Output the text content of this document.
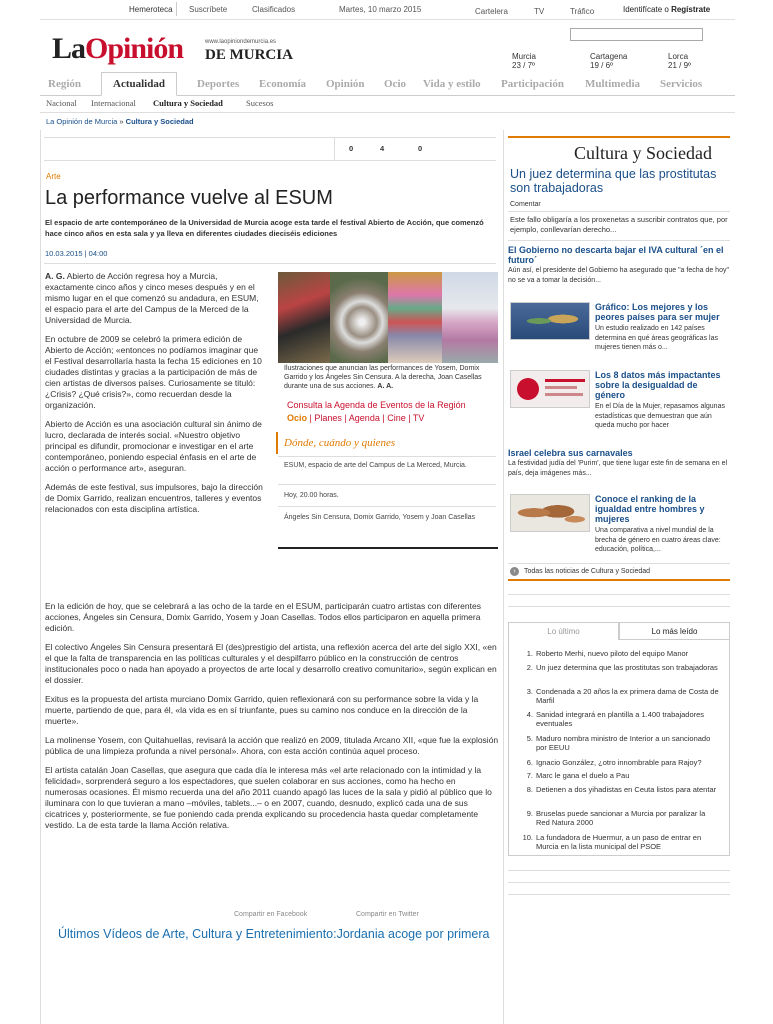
Hemeroteca Suscríbete	Clasificados	Martes, 10 marzo 2015	Cartelera	TV	Tráfico	Identifícate o Regístrate
LaOpinión	www.laopiniondemurcia.es
DE MURCIA	Murcia
23 / 7º
Cartagena
19 / 6º
Lorca
21 / 9º
Región	Actualidad	Deportes Economía Opinión Ocio Vida y estilo Participación Multimedia Servicios
Nacional Internacional Cultura y Sociedad	Sucesos
La Opinión de Murcia » Cultura y Sociedad
0	4	0
Arte
La performance vuelve al ESUM
El espacio de arte contemporáneo de la Universidad de Murcia acoge esta tarde el festival Abierto de Acción, que comenzó hace cinco años en esta sala y ya lleva en diferentes ciudades dieciséis ediciones
10.03.2015 | 04:00

A. G. Abierto de Acción regresa hoy a Murcia, exactamente cinco años y cinco meses después y en el mismo lugar en el que comenzó su andadura, en ESUM, el espacio para el arte del Campus de la Merced de la Universidad de Murcia.

En octubre de 2009 se celebró la primera edición de Abierto de Acción; «entonces no podíamos imaginar que el Festival desarrollaría hasta la fecha 15 ediciones en 10 ciudades distintas y gracias a la participación de más de cien artistas de diversos países. Curiosamente se tituló: ¿Crisis? ¿Qué crisis?», como recuerdan desde la organización.

Abierto de Acción es una asociación cultural sin ánimo de lucro, declarada de interés social. «Nuestro objetivo principal es difundir, promocionar e investigar en el arte contemporáneo, poniendo especial énfasis en el arte de acción o performance art», aseguran.

Además de este festival, sus impulsores, bajo la dirección de Domix Garrido, realizan encuentros, talleres y eventos relacionados con esta disciplina artística.

En la edición de hoy, que se celebrará a las ocho de la tarde en el ESUM, participarán cuatro artistas con diferentes acciones, Ángeles sin Censura, Domix Garrido, Yosem y Joan Casellas. Todos ellos participaron en aquella primera edición.

El colectivo Ángeles Sin Censura presentará El (des)prestigio del artista, una reflexión acerca del arte del siglo XXI, «en el que la falta de transparencia en las políticas culturales y el despilfarro público en la construcción de centros institucionales poco o nada han apoyado a proyectos de arte local y desarrollo creativo comunitario», según explican en el dossier.

Exitus es la propuesta del artista murciano Domix Garrido, quien reflexionará con su performance sobre la vida y la muerte, partiendo de que, para él, «la vida es en sí triunfante, pues su camino nos conduce en la dirección de la muerte».

La molinense Yosem, con Quitahuellas, revisará la acción que realizó en 2009, titulada Arcano XII, «que fue la explosión pública de una limpieza profunda a nivel personal». Ahora, con esta acción continúa aquel proceso.

El artista catalán Joan Casellas, que asegura que cada día le interesa más «el arte relacionado con la intimidad y la felicidad», sorprenderá seguro a los espectadores, que suelen colaborar en sus acciones, como ha hecho en numerosas ocasiones. Él mismo recuerda una del año 2011 cuando apagó las luces de la sala y pidió al público que lo iluminara con lo que tuvieran a mano –móviles, tablets...– o en 2007, cuando, desnudo, explicó cada una de sus cicatrices y, posteriormente, se fue poniendo cada prenda explicando su procedencia hasta quedar completamente vestido. La de esta tarde la llama Acción relativa.

Ilustraciones que anuncian las performances de Yosem, Domix Garrido y los Ángeles Sin Censura. A la derecha, Joan Casellas durante una de sus acciones. A. A.
Consulta la Agenda de Eventos de la Región
Ocio | Planes | Agenda | Cine | TV
Dónde, cuándo y quienes
ESUM, espacio de arte del Campus de La Merced, Murcia.
Hoy, 20.00 horas.
Ángeles Sin Censura, Domix Garrido, Yosem y Joan Casellas
Compartir en Facebook	Compartir en Twitter
Últimos Vídeos de Arte, Cultura y Entretenimiento:Jordania acoge por primera
Cultura y Sociedad
Un juez determina que las prostitutas son trabajadoras
Comentar
Este fallo obligaría a los proxenetas a suscribir contratos que, por ejemplo, conllevarían derecho...
El Gobierno no descarta bajar el IVA cultural ´en el futuro´
Aún así, el presidente del Gobierno ha asegurado que "a fecha de hoy" no se va a tomar la decisión...
Gráfico: Los mejores y los peores países para ser mujer
Un estudio realizado en 142 países determina en qué áreas geográficas las mujeres tienen más o...
Los 8 datos más impactantes sobre la desigualdad de género
En el Día de la Mujer, repasamos algunas estadísticas que demuestran que aún queda mucho por hacer
Israel celebra sus carnavales
La festividad judía del 'Purim', que tiene lugar este fin de semana en el país, deja imágenes más...
Conoce el ranking de la igualdad entre hombres y mujeres
Una comparativa a nivel mundial de la brecha de género en cuatro áreas clave: educación, política,...
›	Todas las noticias de Cultura y Sociedad
Lo último	Lo más leído
1. Roberto Merhi, nuevo piloto del equipo Manor
2. Un juez determina que las prostitutas son trabajadoras
3. Condenada a 20 años la ex primera dama de Costa de Marfil
4. Sanidad integrará en plantilla a 1.400 trabajadores eventuales
5. Maduro nombra ministro de Interior a un sancionado por EEUU
6. Ignacio González, ¿otro innombrable para Rajoy?
7. Marc le gana el duelo a Pau
8. Detienen a dos yihadistas en Ceuta listos para atentar
9. Bruselas puede sancionar a Murcia por paralizar la Red Natura 2000
10. La fundadora de Huermur, a un paso de entrar en Murcia en la lista municipal del PSOE
